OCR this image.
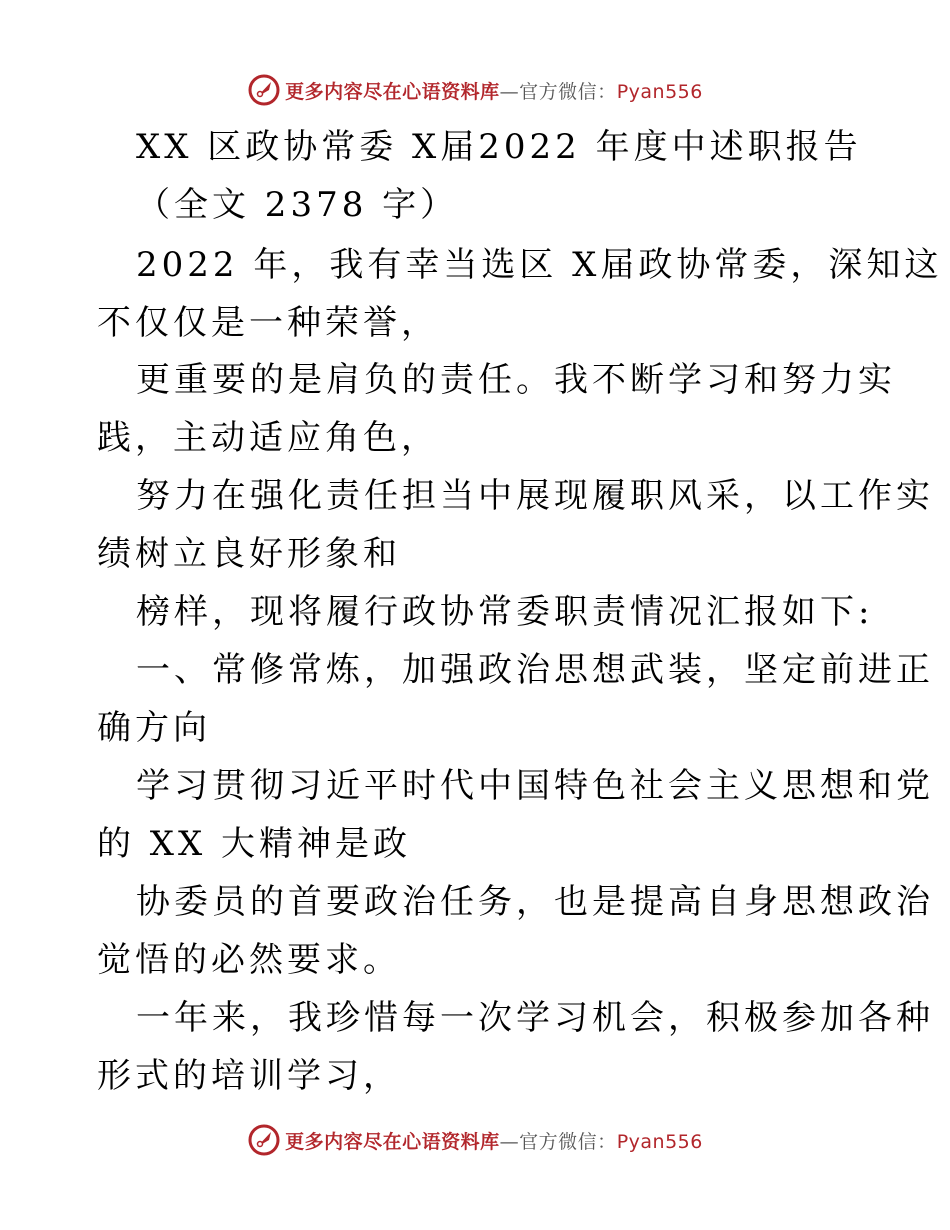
更多内容尽在心语资料库—官方微信：Pyan556
XX 区政协常委 X届2022 年度中述职报告
（全文 2378 字）
2022 年，我有幸当选区 X届政协常委，深知这
不仅仅是一种荣誉，
更重要的是肩负的责任。我不断学习和努力实
践，主动适应角色，
努力在强化责任担当中展现履职风采，以工作实
绩树立良好形象和
榜样，现将履行政协常委职责情况汇报如下:
一、常修常炼，加强政治思想武装，坚定前进正
确方向
学习贯彻习近平时代中国特色社会主义思想和党
的 XX 大精神是政
协委员的首要政治任务，也是提高自身思想政治
觉悟的必然要求。
一年来，我珍惜每一次学习机会，积极参加各种
形式的培训学习，
更多内容尽在心语资料库—官方微信：Pyan556
